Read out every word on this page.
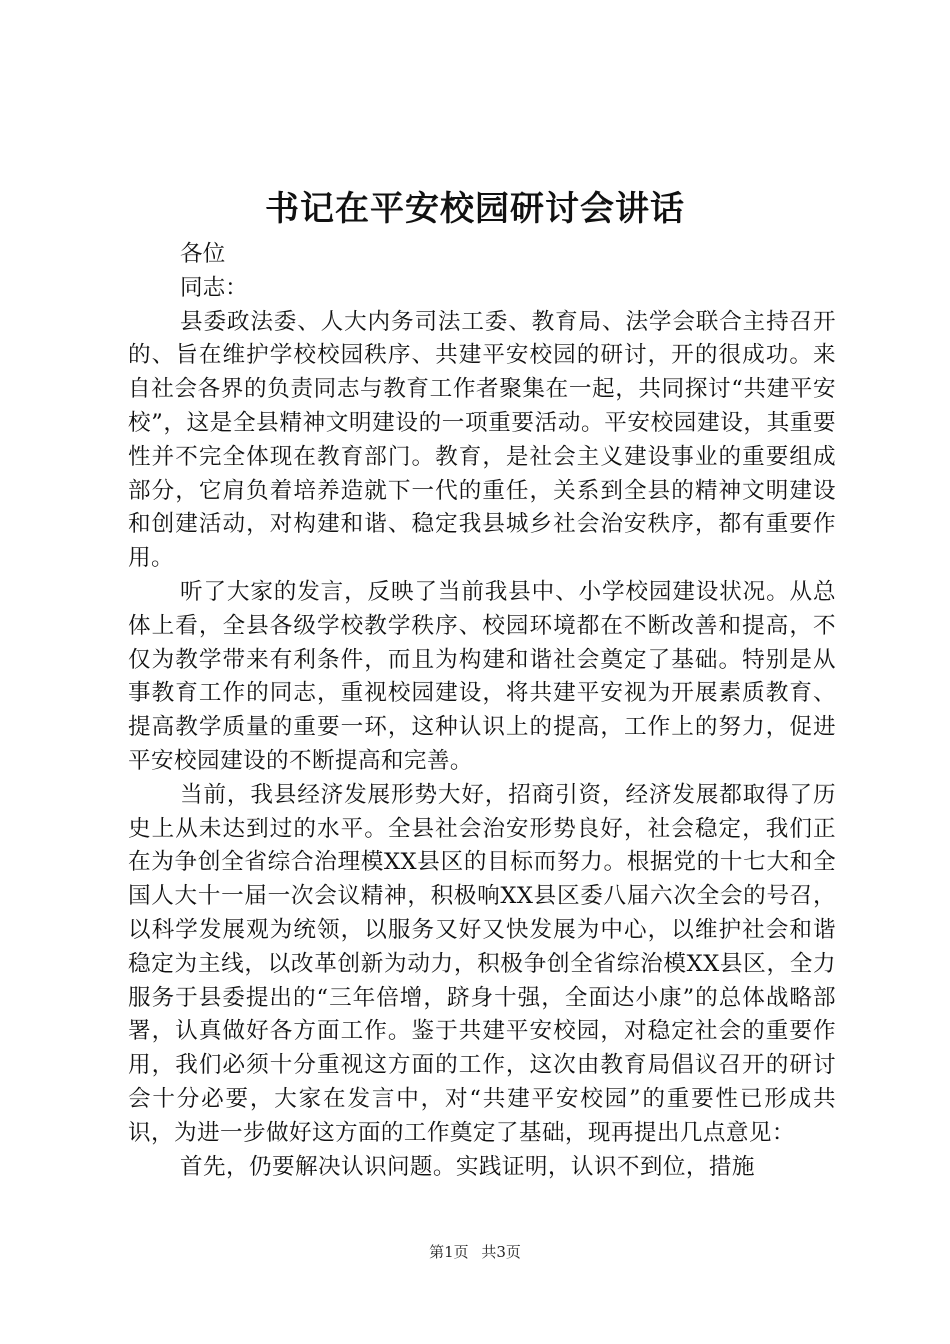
书记在平安校园研讨会讲话

各位

同志：

县委政法委、人大内务司法工委、教育局、法学会联合主持召开的、旨在维护学校校园秩序、共建平安校园的研讨，开的很成功。来自社会各界的负责同志与教育工作者聚集在一起，共同探讨“共建平安校”，这是全县精神文明建设的一项重要活动。平安校园建设，其重要性并不完全体现在教育部门。教育，是社会主义建设事业的重要组成部分，它肩负着培养造就下一代的重任，关系到全县的精神文明建设和创建活动，对构建和谐、稳定我县城乡社会治安秩序，都有重要作用。

听了大家的发言，反映了当前我县中、小学校园建设状况。从总体上看，全县各级学校教学秩序、校园环境都在不断改善和提高，不仅为教学带来有利条件，而且为构建和谐社会奠定了基础。特别是从事教育工作的同志，重视校园建设，将共建平安视为开展素质教育、提高教学质量的重要一环，这种认识上的提高，工作上的努力，促进平安校园建设的不断提高和完善。

当前，我县经济发展形势大好，招商引资，经济发展都取得了历史上从未达到过的水平。全县社会治安形势良好，社会稳定，我们正在为争创全省综合治理模XX县区的目标而努力。根据党的十七大和全国人大十一届一次会议精神，积极响XX县区委八届六次全会的号召，以科学发展观为统领，以服务又好又快发展为中心，以维护社会和谐稳定为主线，以改革创新为动力，积极争创全省综治模XX县区，全力服务于县委提出的“三年倍增，跻身十强，全面达小康”的总体战略部署，认真做好各方面工作。鉴于共建平安校园，对稳定社会的重要作用，我们必须十分重视这方面的工作，这次由教育局倡议召开的研讨会十分必要，大家在发言中，对“共建平安校园”的重要性已形成共识，为进一步做好这方面的工作奠定了基础，现再提出几点意见：

首先，仍要解决认识问题。实践证明，认识不到位，措施

第1页 共3页
